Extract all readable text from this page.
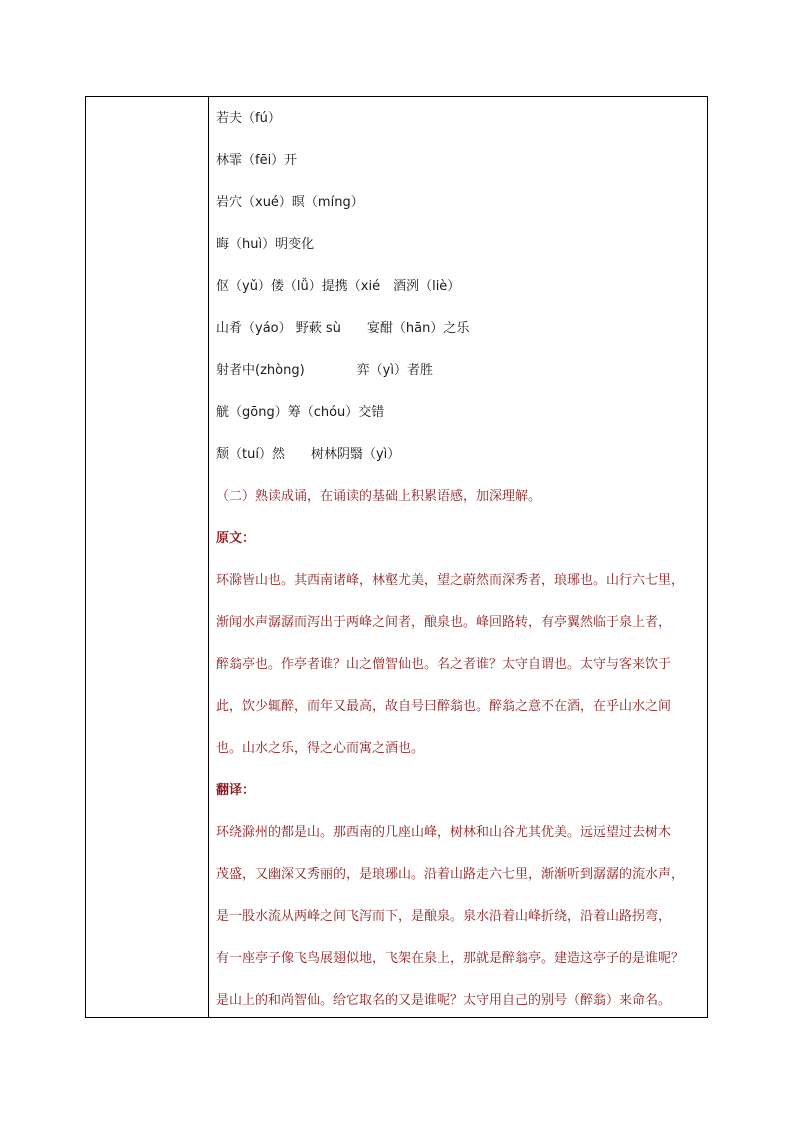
若夫（fú）
林霏（fēi）开
岩穴（xué）暝（míng）
晦（huì）明变化
伛（yǔ）偻（lǚ）提携（xié　酒洌（liè）
山肴（yáo） 野蔌 sù　　宴酣（hān）之乐
射者中(zhòng)　　　　弈（yì）者胜
觥（gōng）筹（chóu）交错
颓（tuí）然　　树林阴翳（yì）
（二）熟读成诵，在诵读的基础上积累语感，加深理解。
原文：
环滁皆山也。其西南诸峰，林壑尤美，望之蔚然而深秀者，琅琊也。山行六七里，
渐闻水声潺潺而泻出于两峰之间者，酿泉也。峰回路转，有亭翼然临于泉上者，
醉翁亭也。作亭者谁？山之僧智仙也。名之者谁？太守自谓也。太守与客来饮于
此，饮少辄醉，而年又最高，故自号曰醉翁也。醉翁之意不在酒，在乎山水之间
也。山水之乐，得之心而寓之酒也。
翻译：
环绕滁州的都是山。那西南的几座山峰，树林和山谷尤其优美。远远望过去树木
茂盛，又幽深又秀丽的，是琅琊山。沿着山路走六七里，渐渐听到潺潺的流水声，
是一股水流从两峰之间飞泻而下，是酿泉。泉水沿着山峰折绕，沿着山路拐弯，
有一座亭子像飞鸟展翅似地，飞架在泉上，那就是醉翁亭。建造这亭子的是谁呢？
是山上的和尚智仙。给它取名的又是谁呢？太守用自己的别号（醉翁）来命名。
